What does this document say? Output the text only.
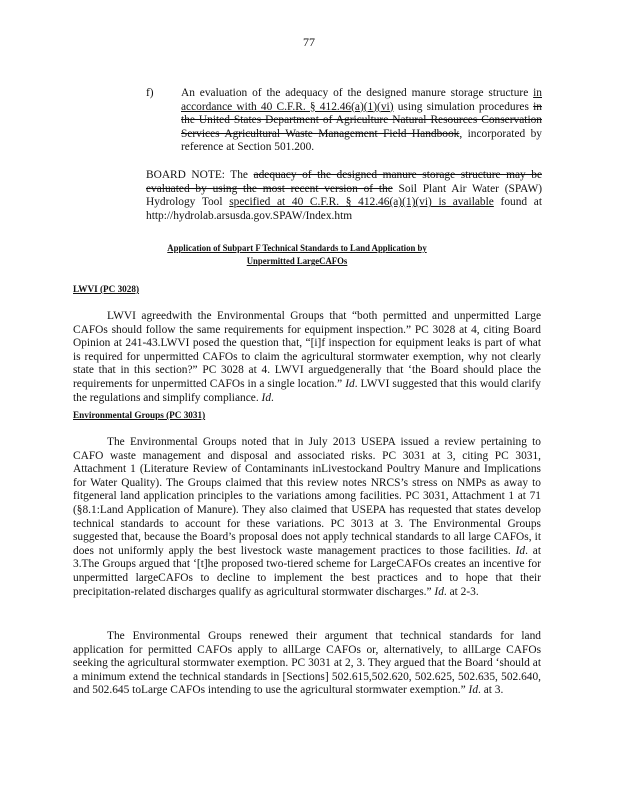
77
f) An evaluation of the adequacy of the designed manure storage structure in accordance with 40 C.F.R. § 412.46(a)(1)(vi) using simulation procedures in the United States Department of Agriculture Natural Resources Conservation Services Agricultural Waste Management Field Handbook, incorporated by reference at Section 501.200.
BOARD NOTE: The adequacy of the designed manure storage structure may be evaluated by using the most recent version of the Soil Plant Air Water (SPAW) Hydrology Tool specified at 40 C.F.R. § 412.46(a)(1)(vi) is available found at http://hydrolab.arsusda.gov.SPAW/Index.htm
Application of Subpart F Technical Standards to Land Application by
Unpermitted LargeCAFOs
LWVI (PC 3028)
LWVI agreedwith the Environmental Groups that “both permitted and unpermitted Large CAFOs should follow the same requirements for equipment inspection.” PC 3028 at 4, citing Board Opinion at 241-43.LWVI posed the question that, “[i]f inspection for equipment leaks is part of what is required for unpermitted CAFOs to claim the agricultural stormwater exemption, why not clearly state that in this section?” PC 3028 at 4. LWVI arguedgenerally that ‘the Board should place the requirements for unpermitted CAFOs in a single location.” Id. LWVI suggested that this would clarify the regulations and simplify compliance. Id.
Environmental Groups (PC 3031)
The Environmental Groups noted that in July 2013 USEPA issued a review pertaining to CAFO waste management and disposal and associated risks. PC 3031 at 3, citing PC 3031, Attachment 1 (Literature Review of Contaminants inLivestockand Poultry Manure and Implications for Water Quality). The Groups claimed that this review notes NRCS’s stress on NMPs as away to fitgeneral land application principles to the variations among facilities. PC 3031, Attachment 1 at 71 (§8.1:Land Application of Manure). They also claimed that USEPA has requested that states develop technical standards to account for these variations. PC 3013 at 3. The Environmental Groups suggested that, because the Board’s proposal does not apply technical standards to all large CAFOs, it does not uniformly apply the best livestock waste management practices to those facilities. Id. at 3.The Groups argued that ‘[t]he proposed two-tiered scheme for LargeCAFOs creates an incentive for unpermitted largeCAFOs to decline to implement the best practices and to hope that their precipitation-related discharges qualify as agricultural stormwater discharges.” Id. at 2-3.
The Environmental Groups renewed their argument that technical standards for land application for permitted CAFOs apply to allLarge CAFOs or, alternatively, to allLarge CAFOs seeking the agricultural stormwater exemption. PC 3031 at 2, 3. They argued that the Board ‘should at a minimum extend the technical standards in [Sections] 502.615,502.620, 502.625, 502.635, 502.640, and 502.645 toLarge CAFOs intending to use the agricultural stormwater exemption.” Id. at 3.
